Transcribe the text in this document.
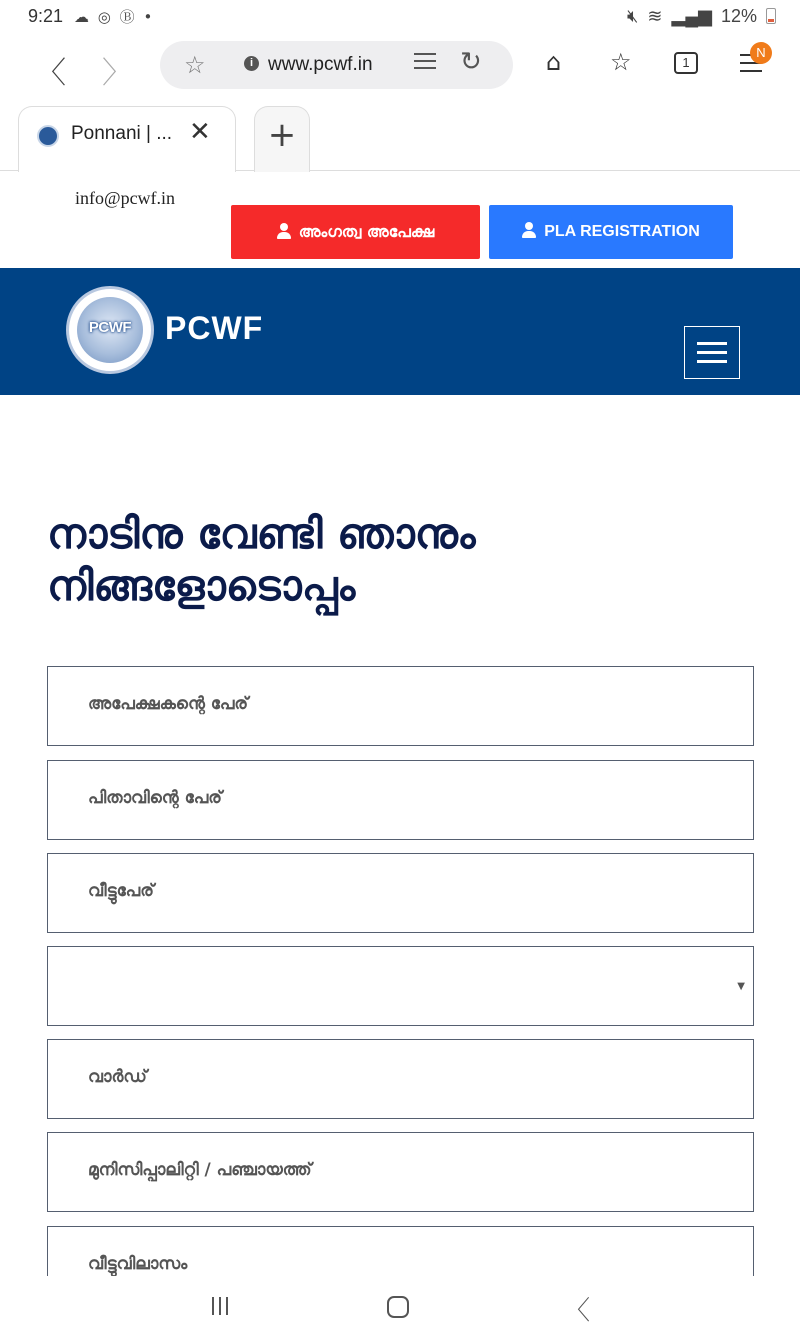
9:21 ☁ ◎ Ⓑ •	🔇︎ ≋ ▂▄▆ 12%
〈 〉 ☆	i www.pcwf.in	↻	⌂ ☆	1
N
Ponnani | ... ✕	+
info@pcwf.in
അംഗത്വ അപേക്ഷ	PLA REGISTRATION
PCWF	PCWF
നാടിനു വേണ്ടി ഞാനും
നിങ്ങളോടൊപ്പം
അപേക്ഷകന്റെ പേര്
പിതാവിന്റെ പേര്
വീട്ടുപേര്
▼
വാർഡ്
മുനിസിപ്പാലിറ്റി / പഞ്ചായത്ത്
വീട്ടുവിലാസം
〈
